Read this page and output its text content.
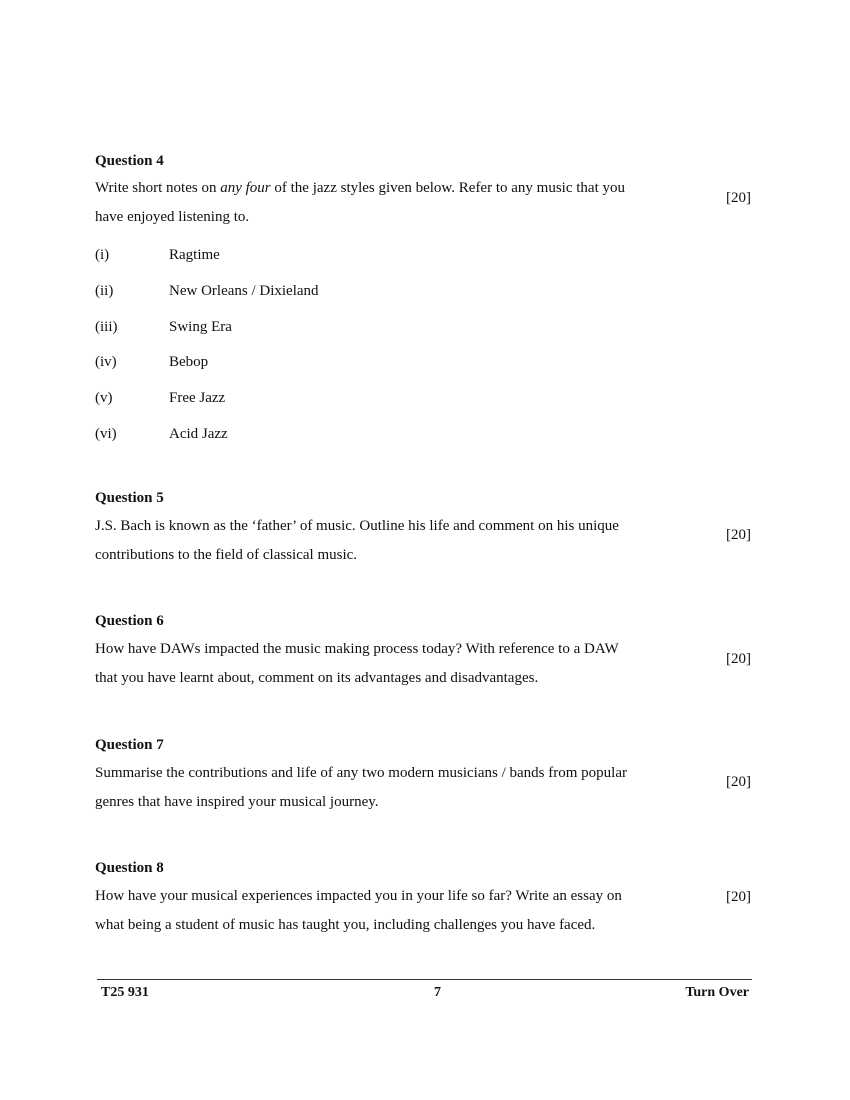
Question 4
Write short notes on any four of the jazz styles given below. Refer to any music that you
have enjoyed listening to.
[20]
(i)	Ragtime
(ii)	New Orleans / Dixieland
(iii)	Swing Era
(iv)	Bebop
(v)	Free Jazz
(vi)	Acid Jazz
Question 5
J.S. Bach is known as the ‘father’ of music. Outline his life and comment on his unique
contributions to the field of classical music.
[20]
Question 6
How have DAWs impacted the music making process today? With reference to a DAW
that you have learnt about, comment on its advantages and disadvantages.
[20]
Question 7
Summarise the contributions and life of any two modern musicians / bands from popular
genres that have inspired your musical journey.
[20]
Question 8
How have your musical experiences impacted you in your life so far? Write an essay on
what being a student of music has taught you, including challenges you have faced.
[20]
T25 931	7	Turn Over
